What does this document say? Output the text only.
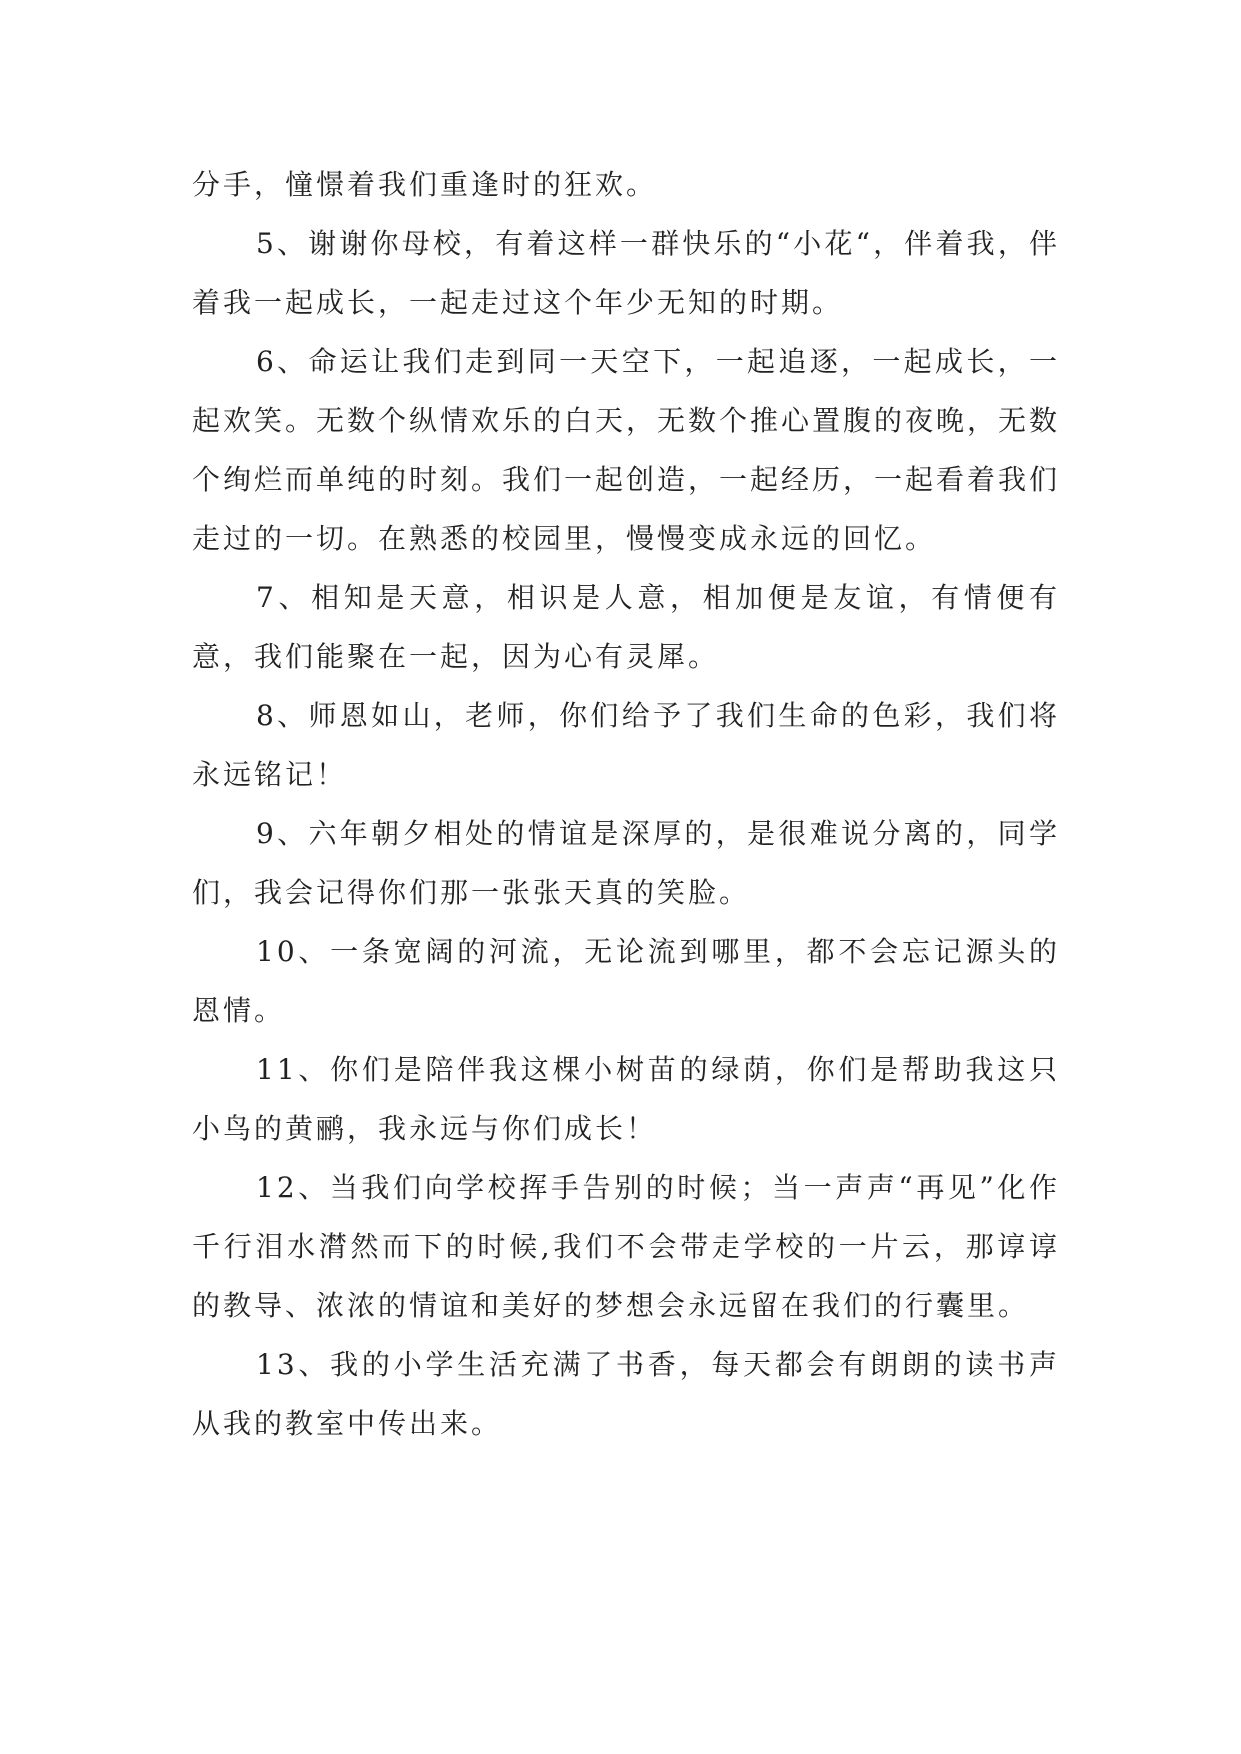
分手，憧憬着我们重逢时的狂欢。

5、谢谢你母校，有着这样一群快乐的“小花“，伴着我，伴着我一起成长，一起走过这个年少无知的时期。

6、命运让我们走到同一天空下，一起追逐，一起成长，一起欢笑。无数个纵情欢乐的白天，无数个推心置腹的夜晚，无数个绚烂而单纯的时刻。我们一起创造，一起经历，一起看着我们走过的一切。在熟悉的校园里，慢慢变成永远的回忆。

7、相知是天意，相识是人意，相加便是友谊，有情便有意，我们能聚在一起，因为心有灵犀。

8、师恩如山，老师，你们给予了我们生命的色彩，我们将永远铭记！

9、六年朝夕相处的情谊是深厚的，是很难说分离的，同学们，我会记得你们那一张张天真的笑脸。

10、一条宽阔的河流，无论流到哪里，都不会忘记源头的恩情。

11、你们是陪伴我这棵小树苗的绿荫，你们是帮助我这只小鸟的黄鹂，我永远与你们成长！

12、当我们向学校挥手告别的时候；当一声声“再见”化作千行泪水潸然而下的时候,我们不会带走学校的一片云，那谆谆的教导、浓浓的情谊和美好的梦想会永远留在我们的行囊里。

13、我的小学生活充满了书香，每天都会有朗朗的读书声从我的教室中传出来。
